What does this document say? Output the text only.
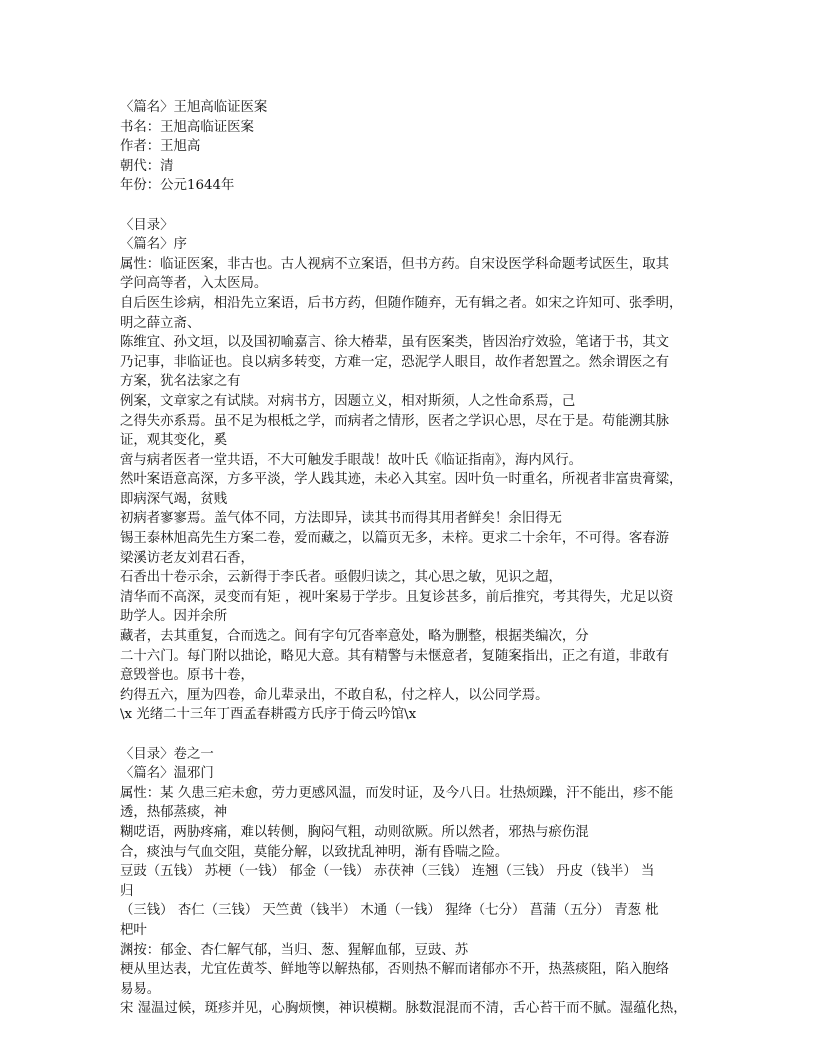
〈篇名〉王旭高临证医案
书名：王旭高临证医案
作者：王旭高
朝代：清
年份：公元1644年
〈目录〉
〈篇名〉序
属性：临证医案，非古也。古人视病不立案语，但书方药。自宋设医学科命题考试医生，取其
学问高等者，入太医局。
自后医生诊病，相沿先立案语，后书方药，但随作随弃，无有辑之者。如宋之许知可、张季明，
明之薛立斋、
陈维宜、孙文垣，以及国初喻嘉言、徐大椿辈，虽有医案类，皆因治疗效验，笔诸于书，其文
乃记事，非临证也。良以病多转变，方难一定，恐泥学人眼目，故作者恕置之。然余谓医之有
方案，犹名法家之有
例案，文章家之有试牍。对病书方，因题立义，相对斯须，人之性命系焉，己
之得失亦系焉。虽不足为根柢之学，而病者之情形，医者之学识心思，尽在于是。苟能溯其脉
证，观其变化，奚
啻与病者医者一堂共语，不大可触发手眼哉！故叶氏《临证指南》，海内风行。
然叶案语意高深，方多平淡，学人践其迹，未必入其室。因叶负一时重名，所视者非富贵膏粱，
即病深气竭，贫贱
初病者寥寥焉。盖气体不同，方法即异，读其书而得其用者鲜矣！余旧得无
锡王泰林旭高先生方案二卷，爱而藏之，以篇页无多，未梓。更求二十余年，不可得。客春游
梁溪访老友刘君石香，
石香出十卷示余，云新得于李氏者。亟假归读之，其心思之敏，见识之超，
清华而不高深，灵变而有矩 ，视叶案易于学步。且复诊甚多，前后推究，考其得失，尤足以资
助学人。因并余所
藏者，去其重复，合而选之。间有字句冗沓率意处，略为删整，根据类编次，分
二十六门。每门附以拙论，略见大意。其有精警与未惬意者，复随案指出，正之有道，非敢有
意毁誉也。原书十卷，
约得五六，厘为四卷，命儿辈录出，不敢自私，付之梓人，以公同学焉。
\x 光绪二十三年丁酉孟春耕霞方氏序于倚云吟馆\x
〈目录〉卷之一
〈篇名〉温邪门
属性：某 久患三疟未愈，劳力更感风温，而发时证，及今八日。壮热烦躁，汗不能出，疹不能
透，热郁蒸痰，神
糊呓语，两胁疼痛，难以转侧，胸闷气粗，动则欲厥。所以然者，邪热与瘀伤混
合，痰浊与气血交阻，莫能分解，以致扰乱神明，渐有昏喘之险。
豆豉（五钱） 苏梗（一钱） 郁金（一钱） 赤茯神（三钱） 连翘（三钱） 丹皮（钱半） 当
归
（三钱） 杏仁（三钱） 天竺黄（钱半） 木通（一钱） 猩绛（七分） 菖蒲（五分） 青葱 枇
杷叶
渊按：郁金、杏仁解气郁，当归、葱、猩解血郁，豆豉、苏
梗从里达表，尤宜佐黄芩、鲜地等以解热郁，否则热不解而诸郁亦不开，热蒸痰阻，陷入胞络
易易。
宋 湿温过候，斑疹并见，心胸烦懊，神识模糊。脉数混混而不清，舌心苔干而不腻。湿蕴化热，
